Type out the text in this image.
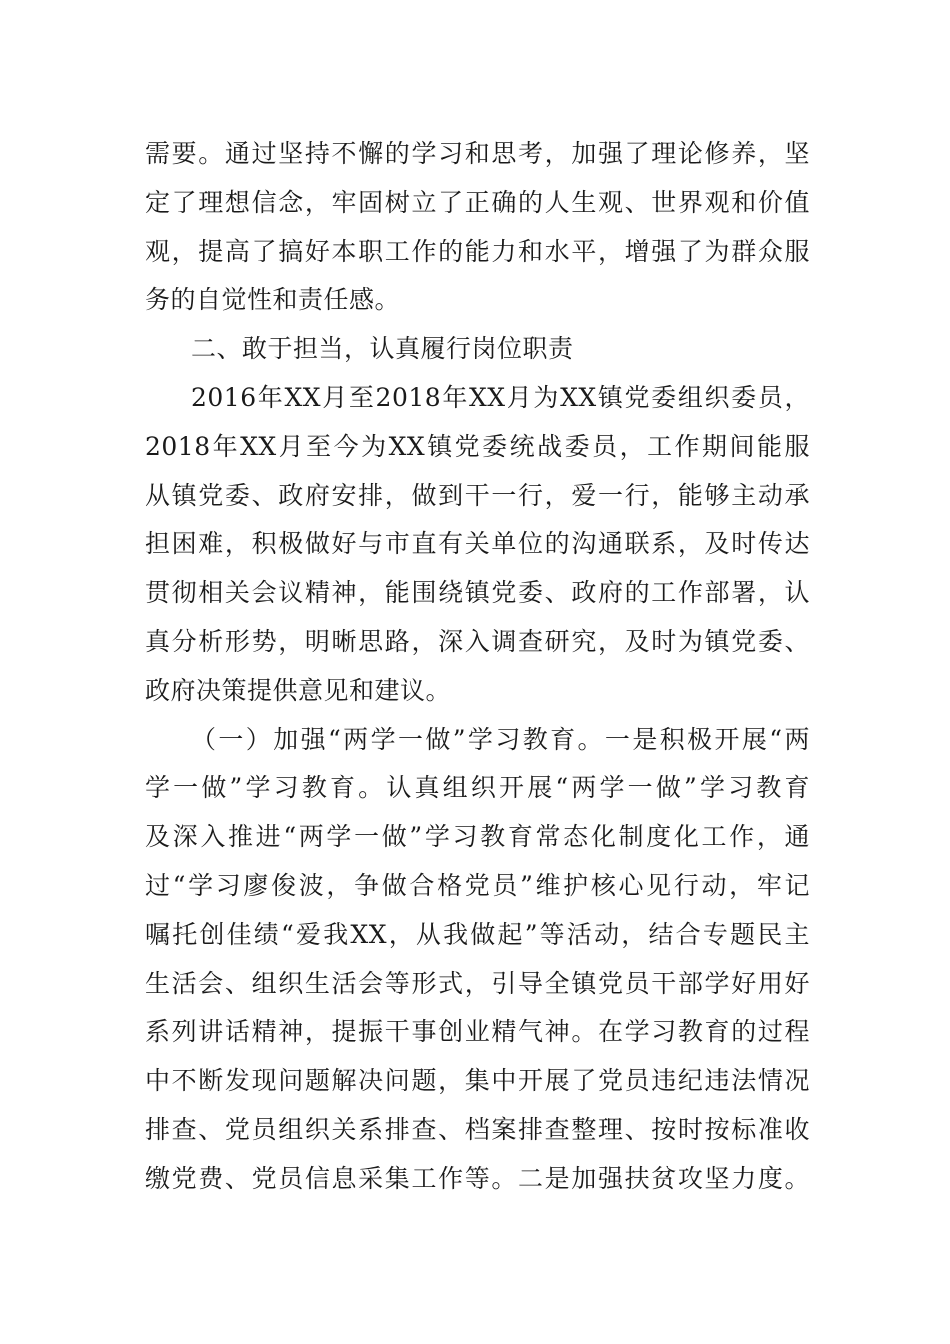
需要。通过坚持不懈的学习和思考，加强了理论修养，坚
定了理想信念，牢固树立了正确的人生观、世界观和价值
观，提高了搞好本职工作的能力和水平，增强了为群众服
务的自觉性和责任感。
二、敢于担当，认真履行岗位职责
2016年XX月至2018年XX月为XX镇党委组织委员，
2018年XX月至今为XX镇党委统战委员，工作期间能服
从镇党委、政府安排，做到干一行，爱一行，能够主动承
担困难，积极做好与市直有关单位的沟通联系，及时传达
贯彻相关会议精神，能围绕镇党委、政府的工作部署，认
真分析形势，明晰思路，深入调查研究，及时为镇党委、
政府决策提供意见和建议。
（一）加强“两学一做”学习教育。一是积极开展“两
学一做”学习教育。认真组织开展“两学一做”学习教育
及深入推进“两学一做”学习教育常态化制度化工作，通
过“学习廖俊波，争做合格党员”维护核心见行动，牢记
嘱托创佳绩“爱我XX，从我做起”等活动，结合专题民主
生活会、组织生活会等形式，引导全镇党员干部学好用好
系列讲话精神，提振干事创业精气神。在学习教育的过程
中不断发现问题解决问题，集中开展了党员违纪违法情况
排查、党员组织关系排查、档案排查整理、按时按标准收
缴党费、党员信息采集工作等。二是加强扶贫攻坚力度。
